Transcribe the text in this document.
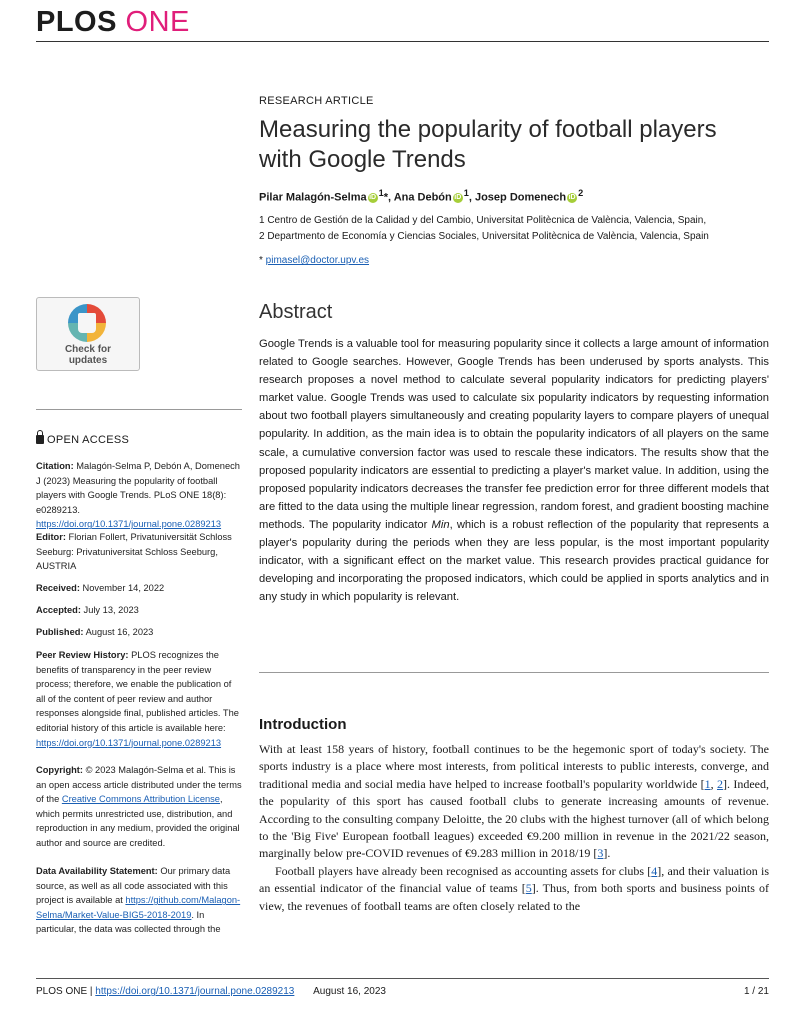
PLOS ONE
RESEARCH ARTICLE
Measuring the popularity of football players with Google Trends
Pilar Malagón-Selma iD $^1$*, Ana Debón iD $^1$, Josep Domenech iD $^2$
1 Centro de Gestión de la Calidad y del Cambio, Universitat Politècnica de València, Valencia, Spain,
2 Departmento de Economía y Ciencias Sociales, Universitat Politècnica de València, Valencia, Spain
* pimasel@doctor.upv.es
Check for
updates
OPEN ACCESS
Citation: Malagón-Selma P, Debón A, Domenech J (2023) Measuring the popularity of football players with Google Trends. PLoS ONE 18(8): e0289213. https://doi.org/10.1371/journal.pone.0289213
Editor: Florian Follert, Privatuniversität Schloss Seeburg: Privatuniversitat Schloss Seeburg, AUSTRIA
Received: November 14, 2022
Accepted: July 13, 2023
Published: August 16, 2023
Peer Review History: PLOS recognizes the benefits of transparency in the peer review process; therefore, we enable the publication of all of the content of peer review and author responses alongside final, published articles. The editorial history of this article is available here: https://doi.org/10.1371/journal.pone.0289213
Copyright: © 2023 Malagón-Selma et al. This is an open access article distributed under the terms of the Creative Commons Attribution License, which permits unrestricted use, distribution, and reproduction in any medium, provided the original author and source are credited.
Data Availability Statement: Our primary data source, as well as all code associated with this project is available at https://github.com/Malagon-Selma/Market-Value-BIG5-2018-2019. In particular, the data was collected through the
Abstract
Google Trends is a valuable tool for measuring popularity since it collects a large amount of information related to Google searches. However, Google Trends has been underused by sports analysts. This research proposes a novel method to calculate several popularity indicators for predicting players' market value. Google Trends was used to calculate six popularity indicators by requesting information about two football players simultaneously and creating popularity layers to compare players of unequal popularity. In addition, as the main idea is to obtain the popularity indicators of all players on the same scale, a cumulative conversion factor was used to rescale these indicators. The results show that the proposed popularity indicators are essential to predicting a player's market value. In addition, using the proposed popularity indicators decreases the transfer fee prediction error for three different models that are fitted to the data using the multiple linear regression, random forest, and gradient boosting machine methods. The popularity indicator Min, which is a robust reflection of the popularity that represents a player's popularity during the periods when they are less popular, is the most important popularity indicator, with a significant effect on the market value. This research provides practical guidance for developing and incorporating the proposed indicators, which could be applied in sports analytics and in any study in which popularity is relevant.
Introduction

With at least 158 years of history, football continues to be the hegemonic sport of today's society. The sports industry is a place where most interests, from political interests to public interests, converge, and traditional media and social media have helped to increase football's popularity worldwide [1, 2]. Indeed, the popularity of this sport has caused football clubs to generate increasing amounts of revenue. According to the consulting company Deloitte, the 20 clubs with the highest turnover (all of which belong to the 'Big Five' European football leagues) exceeded €9.200 million in revenue in the 2021/22 season, marginally below pre-COVID revenues of €9.283 million in 2018/19 [3].

Football players have already been recognised as accounting assets for clubs [4], and their valuation is an essential indicator of the financial value of teams [5]. Thus, from both sports and business points of view, the revenues of football teams are often closely related to the

PLOS ONE | https://doi.org/10.1371/journal.pone.0289213 August 16, 2023	1 / 21
